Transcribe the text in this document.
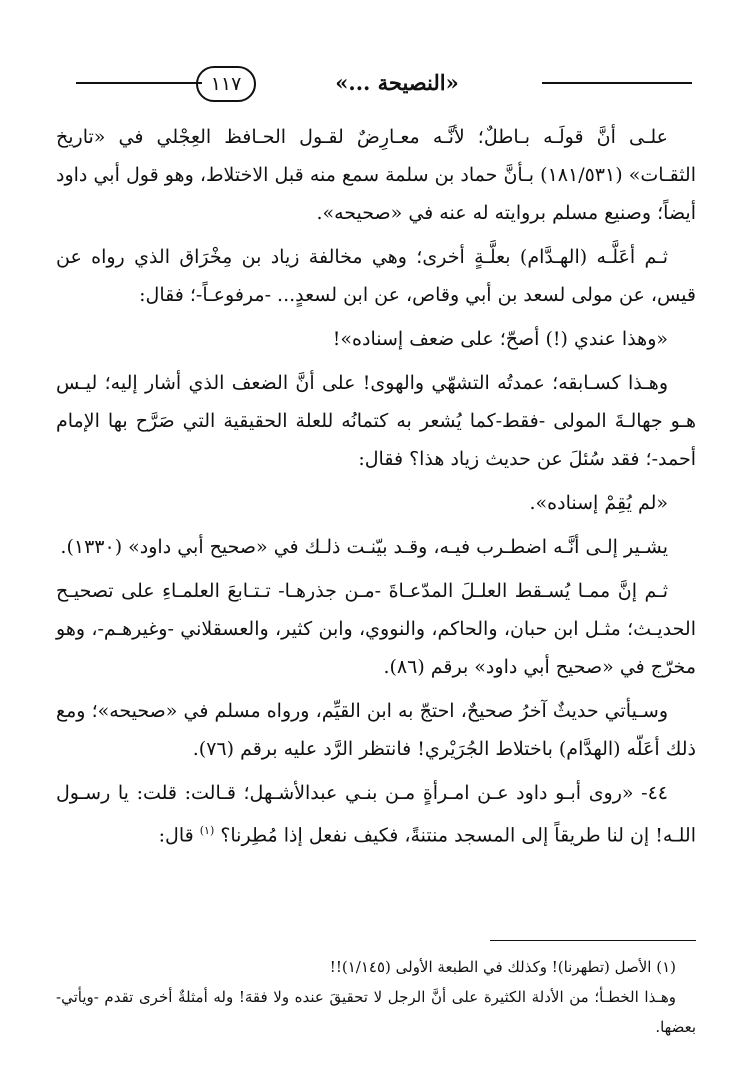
«النصيحة ...»
١١٧

علـى أنَّ قولَـه بـاطلٌ؛ لأنَّـه معـارِضٌ لقـول الحـافظ العِجْلي في «تاريخ الثقـات» (١٨١/٥٣١) بـأنَّ حماد بن سلمة سمع منه قبل الاختلاط، وهو قول أبي داود أيضاً؛ وصنيع مسلم بروايته له عنه في «صحيحه».

ثـم أعَلَّـه (الهـدَّام) بعلَّـةٍ أخرى؛ وهي مخالفة زياد بن مِخْرَاق الذي رواه عن قيس، عن مولى لسعد بن أبي وقاص، عن ابن لسعدٍ... -مرفوعـاً-؛ فقال:

«وهذا عندي (!) أصحّ؛ على ضعف إسناده»!

وهـذا كسـابقه؛ عمدتُه التشهّي والهوى! على أنَّ الضعف الذي أشار إليه؛ ليـس هـو جهالـةَ المولى -فقط-كما يُشعر به كتمانُه للعلة الحقيقية التي صَرَّح بها الإمام أحمد-؛ فقد سُئلَ عن حديث زياد هذا؟ فقال:

«لم يُقِمْ إسناده».

يشـير إلـى أنَّـه اضطـرب فيـه، وقـد بيّنـت ذلـك في «صحيح أبي داود» (١٣٣٠).

ثـم إنَّ ممـا يُسـقط العلـلَ المدّعـاةَ -مـن جذرهـا- تـتـابعَ العلمـاءِ على تصحيـح الحديـث؛ مثـل ابن حبان، والحاكم، والنووي، وابن كثير، والعسقلاني -وغيرهـم-، وهو مخرّج في «صحيح أبي داود» برقم (٨٦).

وسـيأتي حديثٌ آخرُ صحيحٌ، احتجّ به ابن القيِّم، ورواه مسلم في «صحيحه»؛ ومع ذلك أعَلّه (الهدَّام) باختلاط الجُرَيْري! فانتظر الرَّد عليه برقم (٧٦).

٤٤- «روى أبـو داود عـن امـرأةٍ مـن بنـي عبدالأشـهل؛ قـالت: قلت: يا رسـول اللـه! إن لنا طريقاً إلى المسجد منتنةً، فكيف نفعل إذا مُطِرنا؟ $^{(١)}$ قال:

(١) الأصل (تطهرنا)! وكذلك في الطبعة الأولى (١/١٤٥)!!

وهـذا الخطـأ؛ من الأدلة الكثيرة على أنَّ الرجل لا تحقيقَ عنده ولا فقهَ! وله أمثلةٌ أخرى تقدم -ويأتي- بعضها.
